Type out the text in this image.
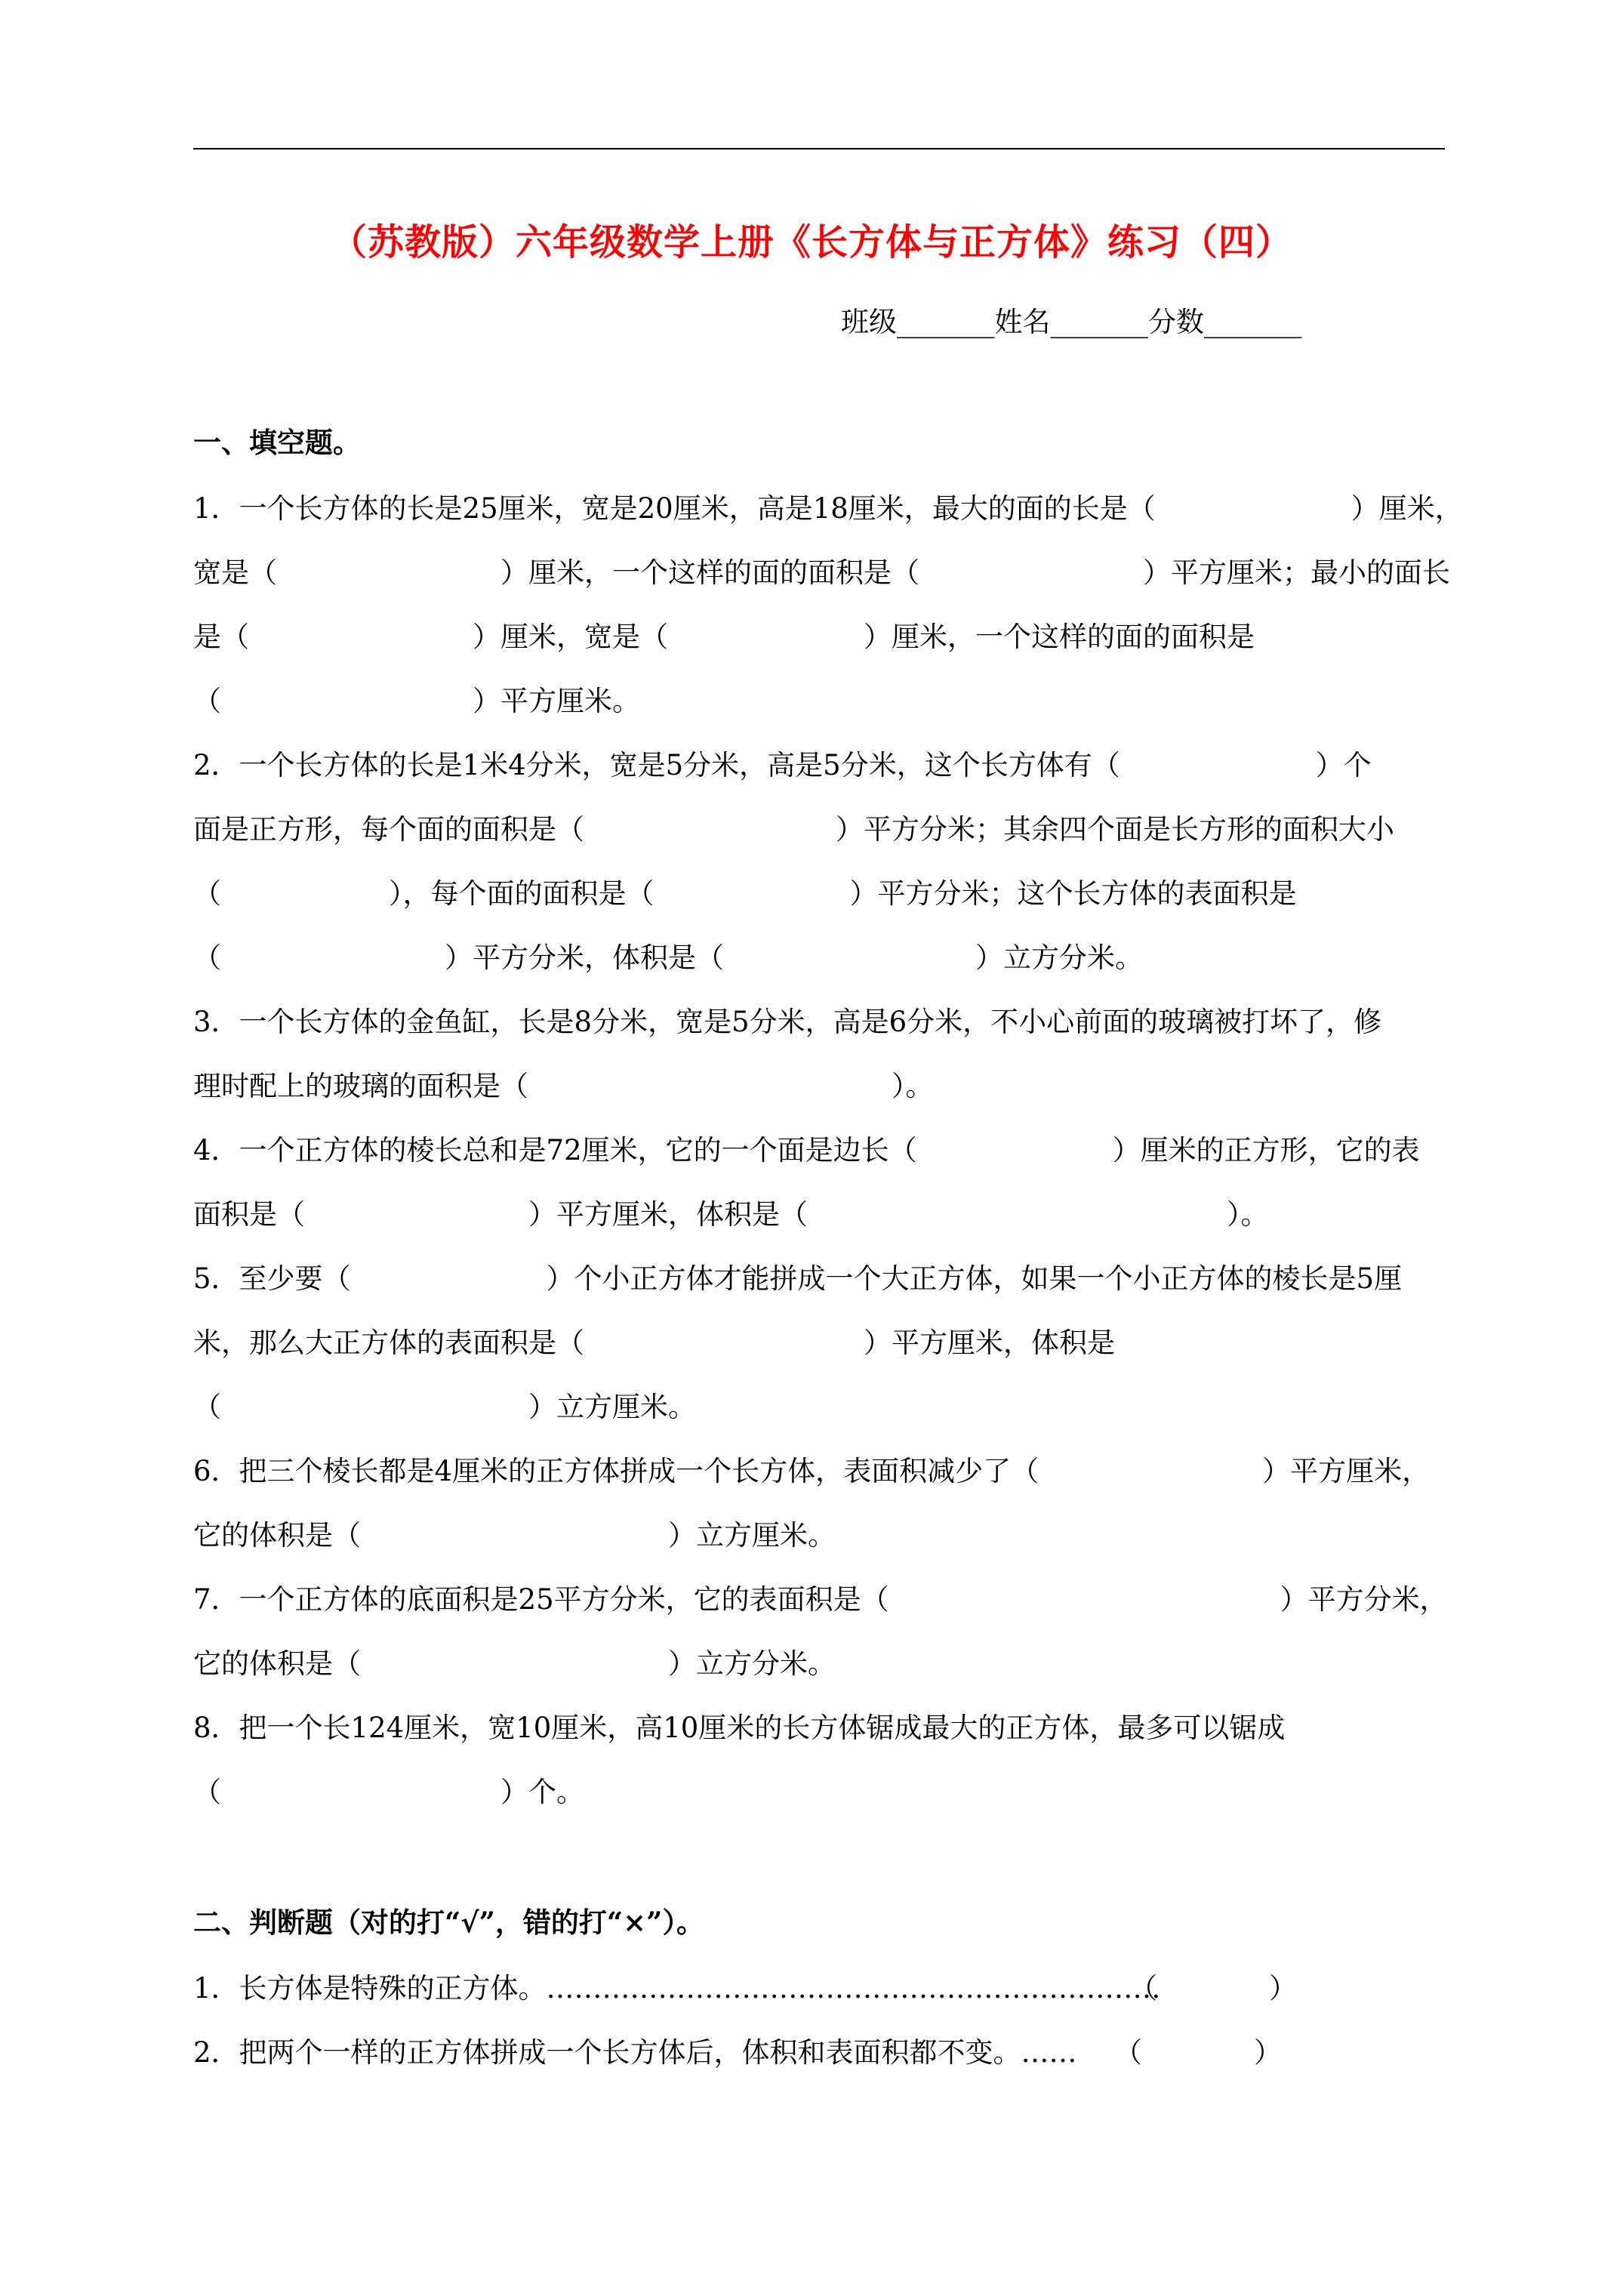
（苏教版）六年级数学上册《长方体与正方体》练习（四）
班级_______姓名_______分数_______
一、填空题。
1．一个长方体的长是25厘米，宽是20厘米，高是18厘米，最大的面的长是（　　　　　　　）厘米，
宽是（　　　　　　　　）厘米，一个这样的面的面积是（　　　　　　　　）平方厘米；最小的面长
是（　　　　　　　　）厘米，宽是（　　　　　　　）厘米，一个这样的面的面积是
（　　　　　　　　　）平方厘米。
2．一个长方体的长是1米4分米，宽是5分米，高是5分米，这个长方体有（　　　　　　　）个
面是正方形，每个面的面积是（　　　　　　　　　）平方分米；其余四个面是长方形的面积大小
（　　　　　　），每个面的面积是（　　　　　　　）平方分米；这个长方体的表面积是
（　　　　　　　　）平方分米，体积是（　　　　　　　　　）立方分米。
3．一个长方体的金鱼缸，长是8分米，宽是5分米，高是6分米，不小心前面的玻璃被打坏了，修
理时配上的玻璃的面积是（　　　　　　　　　　　　　）。
4．一个正方体的棱长总和是72厘米，它的一个面是边长（　　　　　　　）厘米的正方形，它的表
面积是（　　　　　　　　）平方厘米，体积是（　　　　　　　　　　　　　　　）。
5．至少要（　　　　　　　）个小正方体才能拼成一个大正方体，如果一个小正方体的棱长是5厘
米，那么大正方体的表面积是（　　　　　　　　　　）平方厘米，体积是
（　　　　　　　　　　　）立方厘米。
6．把三个棱长都是4厘米的正方体拼成一个长方体，表面积减少了（　　　　　　　　）平方厘米，
它的体积是（　　　　　　　　　　　）立方厘米。
7．一个正方体的底面积是25平方分米，它的表面积是（　　　　　　　　　　　　　　）平方分米，
它的体积是（　　　　　　　　　　　）立方分米。
8．把一个长124厘米，宽10厘米，高10厘米的长方体锯成最大的正方体，最多可以锯成
（　　　　　　　　　　）个。
二、判断题（对的打“√”，错的打“×”）。
1．长方体是特殊的正方体。…………………………………………………………
（　　　　）
2．把两个一样的正方体拼成一个长方体后，体积和表面积都不变。…… （　　　　）
